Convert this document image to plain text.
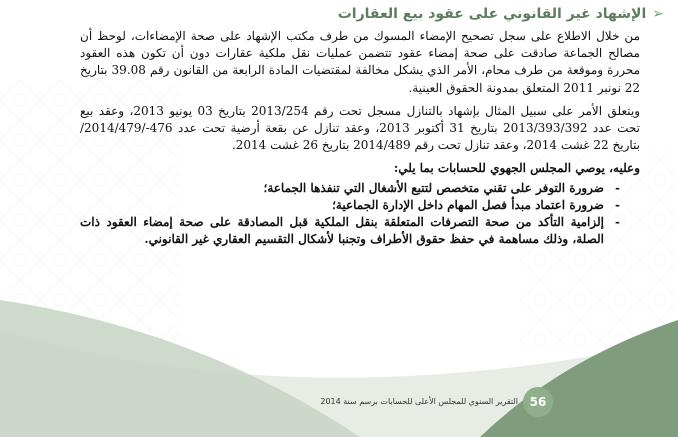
➢
الإشهاد غير القانوني على عقود بيع العقارات

من خلال الاطلاع على سجل تصحيح الإمضاء المسوك من طرف مكتب الإشهاد على صحة الإمضاءات، لوحظ أن مصالح الجماعة صادقت على صحة إمضاء عقود تتضمن عمليات نقل ملكية عقارات دون أن تكون هذه العقود محررة وموقعة من طرف محام، الأمر الذي يشكل مخالفة لمقتضيات المادة الرابعة من القانون رقم 39.08 بتاريخ 22 نونبر 2011 المتعلق بمدونة الحقوق العينية.

ويتعلق الأمر على سبيل المثال بإشهاد بالتنازل مسجل تحت رقم 2013/254 بتاريخ 03 يونيو 2013، وعقد بيع تحت عدد 2013/393/392 بتاريخ 31 أكتوبر 2013، وعقد تنازل عن بقعة أرضية تحت عدد 476-/2014/479/ بتاريخ 22 غشت 2014، وعقد تنازل تحت رقم 2014/489 بتاريخ 26 غشت 2014.

وعليه، يوصي المجلس الجهوي للحسابات بما يلي:

- ضرورة التوفر على تقني متخصص لتتبع الأشغال التي تنفذها الجماعة؛
- ضرورة اعتماد مبدأ فصل المهام داخل الإدارة الجماعية؛
- إلزامية التأكد من صحة التصرفات المتعلقة بنقل الملكية قبل المصادقة على صحة إمضاء العقود ذات الصلة، وذلك مساهمة في حفظ حقوق الأطراف وتجنبا لأشكال التقسيم العقاري غير القانوني.
56
التقرير السنوي للمجلس الأعلى للحسابات برسم سنة 2014
